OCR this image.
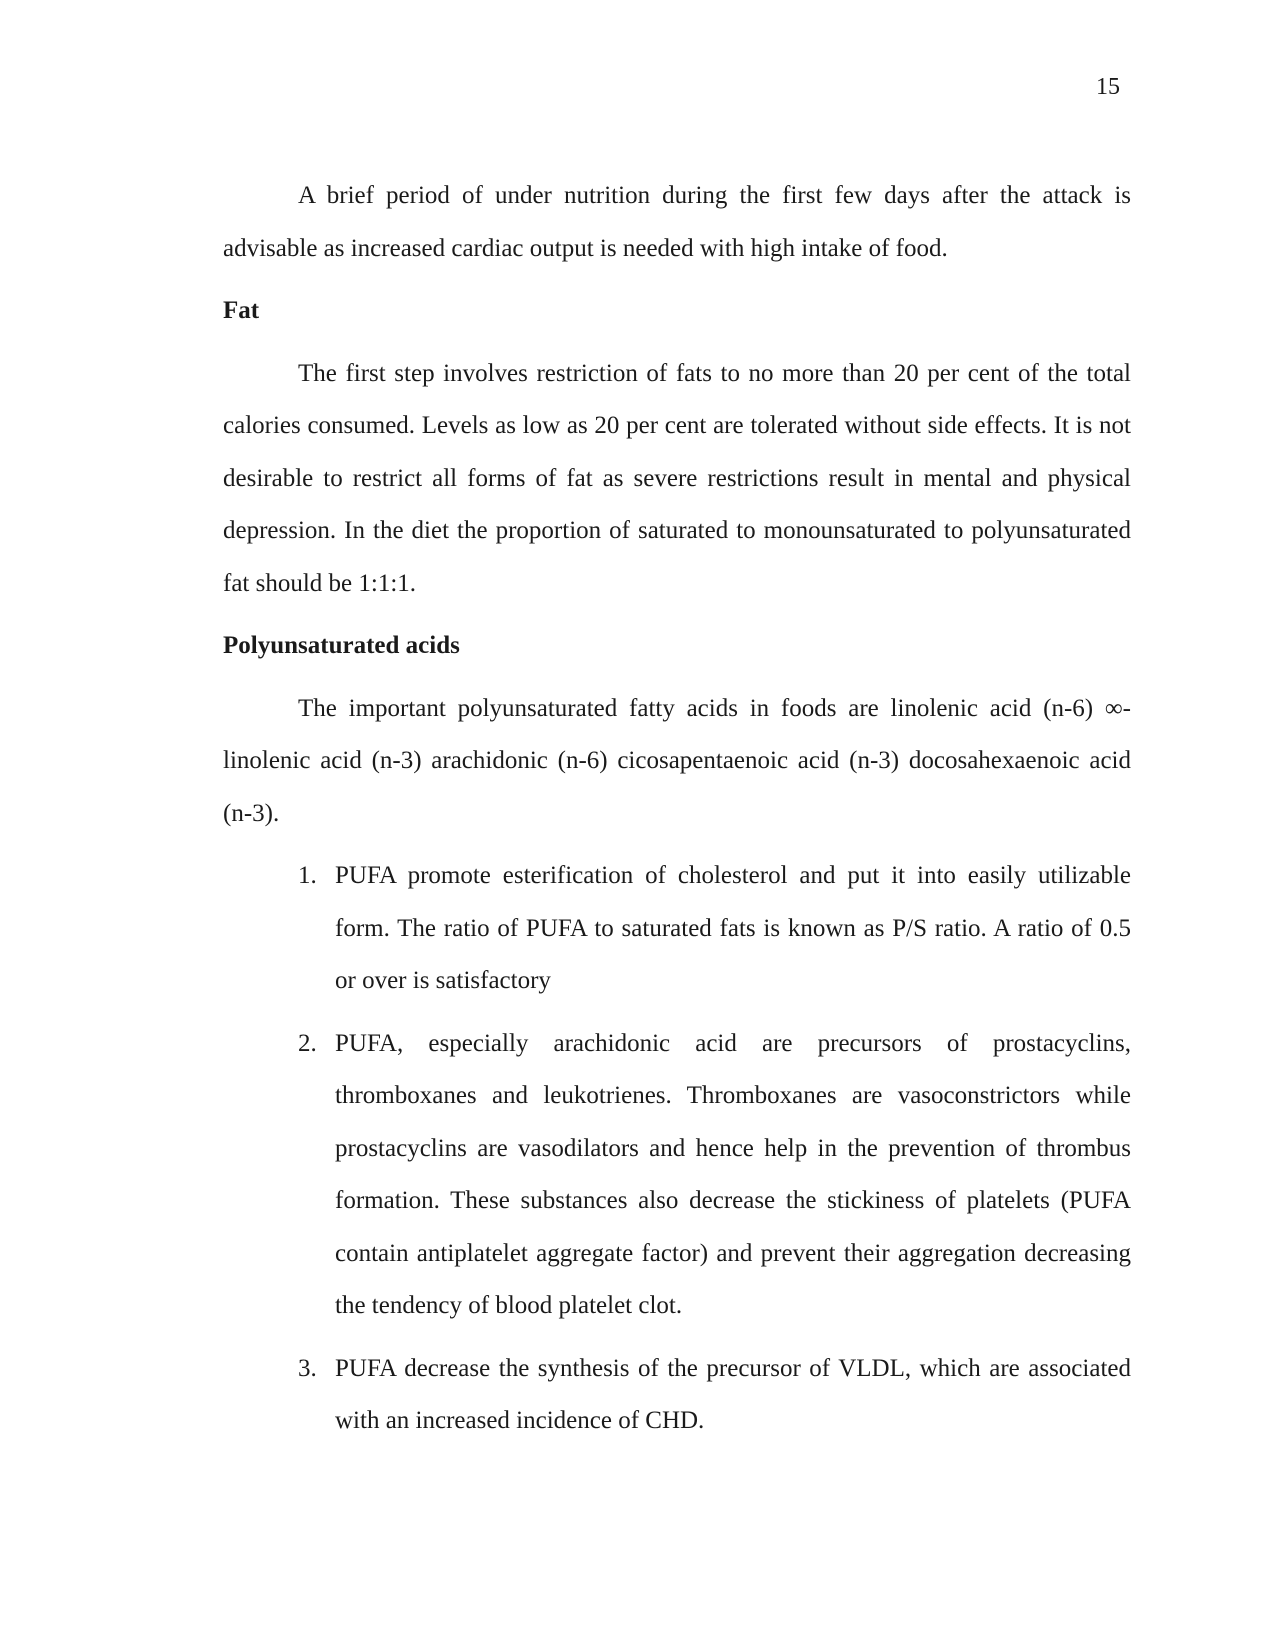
15

A brief period of under nutrition during the first few days after the attack is advisable as increased cardiac output is needed with high intake of food.

Fat

The first step involves restriction of fats to no more than 20 per cent of the total calories consumed. Levels as low as 20 per cent are tolerated without side effects. It is not desirable to restrict all forms of fat as severe restrictions result in mental and physical depression. In the diet the proportion of saturated to monounsaturated to polyunsaturated fat should be 1:1:1.

Polyunsaturated acids

The important polyunsaturated fatty acids in foods are linolenic acid (n-6) ∞-linolenic acid (n-3) arachidonic (n-6) cicosapentaenoic acid (n-3) docosahexaenoic acid (n-3).

1. PUFA promote esterification of cholesterol and put it into easily utilizable form. The ratio of PUFA to saturated fats is known as P/S ratio. A ratio of 0.5 or over is satisfactory
2. PUFA, especially arachidonic acid are precursors of prostacyclins, thromboxanes and leukotrienes. Thromboxanes are vasoconstrictors while prostacyclins are vasodilators and hence help in the prevention of thrombus formation. These substances also decrease the stickiness of platelets (PUFA contain antiplatelet aggregate factor) and prevent their aggregation decreasing the tendency of blood platelet clot.
3. PUFA decrease the synthesis of the precursor of VLDL, which are associated with an increased incidence of CHD.
